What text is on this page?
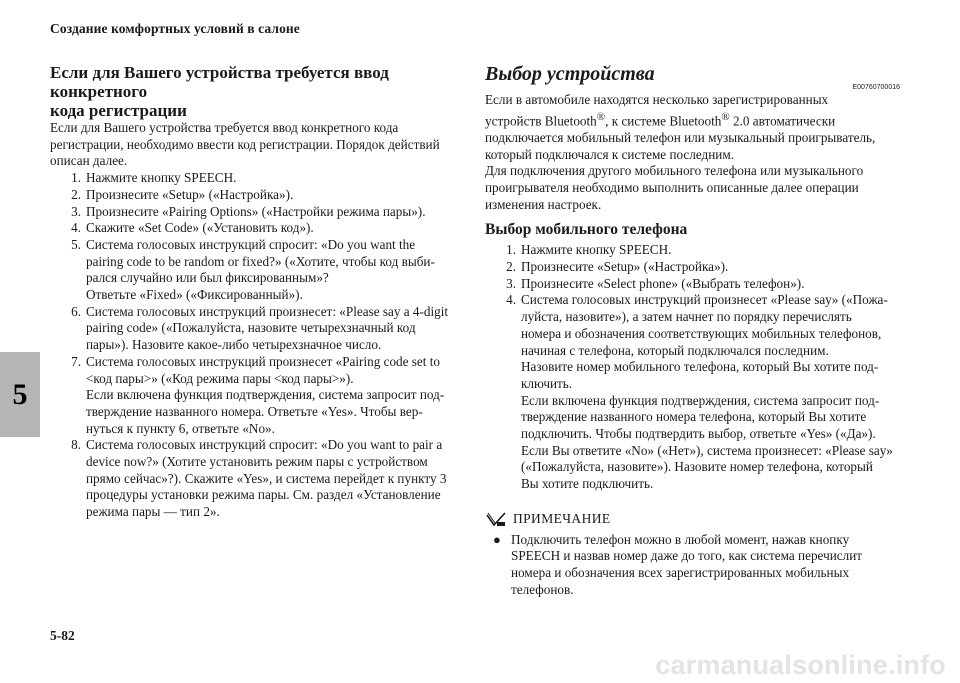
Создание комфортных условий в салоне
5
Если для Вашего устройства требуется ввод конкретного
кода регистрации

Если для Вашего устройства требуется ввод конкретного кода
регистрации, необходимо ввести код регистрации. Порядок действий
описан далее.

1. Нажмите кнопку SPEECH.
2. Произнесите «Setup» («Настройка»).
3. Произнесите «Pairing Options» («Настройки режима пары»).
4. Скажите «Set Code» («Установить код»).
5. Система голосовых инструкций спросит: «Do you want the
pairing code to be random or fixed?» («Хотите, чтобы код выби-
рался случайно или был фиксированным»?
Ответьте «Fixed» («Фиксированный»).
6. Система голосовых инструкций произнесет: «Please say a 4-digit
pairing code» («Пожалуйста, назовите четырехзначный код
пары»). Назовите какое-либо четырехзначное число.
7. Система голосовых инструкций произнесет «Pairing code set to
<код пары>» («Код режима пары <код пары>»).
Если включена функция подтверждения, система запросит под-
тверждение названного номера. Ответьте «Yes». Чтобы вер-
нуться к пункту 6, ответьте «No».
8. Система голосовых инструкций спросит: «Do you want to pair a
device now?» (Хотите установить режим пары с устройством
прямо сейчас»?). Скажите «Yes», и система перейдет к пункту 3
процедуры установки режима пары. См. раздел «Установление
режима пары — тип 2».
Выбор устройства
E00760700016

Если в автомобиле находятся несколько зарегистрированных
устройств Bluetooth®, к системе Bluetooth® 2.0 автоматически
подключается мобильный телефон или музыкальный проигрыватель,
который подключался к системе последним.
Для подключения другого мобильного телефона или музыкального
проигрывателя необходимо выполнить описанные далее операции
изменения настроек.

Выбор мобильного телефона
1. Нажмите кнопку SPEECH.
2. Произнесите «Setup» («Настройка»).
3. Произнесите «Select phone» («Выбрать телефон»).
4. Система голосовых инструкций произнесет «Please say» («Пожа-
луйста, назовите»), а затем начнет по порядку перечислять
номера и обозначения соответствующих мобильных телефонов,
начиная с телефона, который подключался последним.
Назовите номер мобильного телефона, который Вы хотите под-
ключить.
Если включена функция подтверждения, система запросит под-
тверждение названного номера телефона, который Вы хотите
подключить. Чтобы подтвердить выбор, ответьте «Yes» («Да»).
Если Вы ответите «No» («Нет»), система произнесет: «Please say»
(«Пожалуйста, назовите»). Назовите номер телефона, который
Вы хотите подключить.
ПРИМЕЧАНИЕ
● Подключить телефон можно в любой момент, нажав кнопку
SPEECH и назвав номер даже до того, как система перечислит
номера и обозначения всех зарегистрированных мобильных
телефонов.
5-82
carmanualsonline.info
